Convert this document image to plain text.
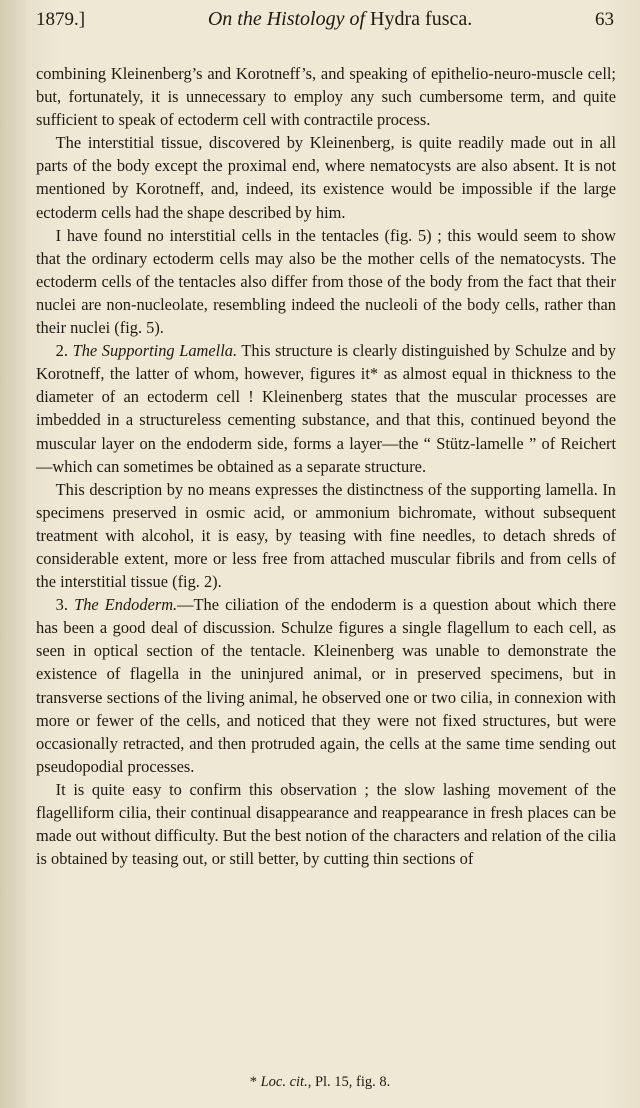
1879.]	On the Histology of Hydra fusca.	63

combining Kleinenberg’s and Korotneff’s, and speaking of epithelio-neuro-muscle cell; but, fortunately, it is unnecessary to employ any such cumbersome term, and quite sufficient to speak of ectoderm cell with contractile process.

The interstitial tissue, discovered by Kleinenberg, is quite readily made out in all parts of the body except the proximal end, where nematocysts are also absent. It is not mentioned by Korotneff, and, indeed, its existence would be impossible if the large ectoderm cells had the shape described by him.

I have found no interstitial cells in the tentacles (fig. 5) ; this would seem to show that the ordinary ectoderm cells may also be the mother cells of the nematocysts. The ectoderm cells of the tentacles also differ from those of the body from the fact that their nuclei are non-nucleolate, resembling indeed the nucleoli of the body cells, rather than their nuclei (fig. 5).

2. The Supporting Lamella. This structure is clearly distinguished by Schulze and by Korotneff, the latter of whom, however, figures it* as almost equal in thickness to the diameter of an ectoderm cell ! Kleinenberg states that the muscular processes are imbedded in a structureless cementing substance, and that this, continued beyond the muscular layer on the endoderm side, forms a layer—the “ Stütz-lamelle ” of Reichert—which can sometimes be obtained as a separate structure.

This description by no means expresses the distinctness of the supporting lamella. In specimens preserved in osmic acid, or ammonium bichromate, without subsequent treatment with alcohol, it is easy, by teasing with fine needles, to detach shreds of considerable extent, more or less free from attached muscular fibrils and from cells of the interstitial tissue (fig. 2).

3. The Endoderm.—The ciliation of the endoderm is a question about which there has been a good deal of discussion. Schulze figures a single flagellum to each cell, as seen in optical section of the tentacle. Kleinenberg was unable to demonstrate the existence of flagella in the uninjured animal, or in preserved specimens, but in transverse sections of the living animal, he observed one or two cilia, in connexion with more or fewer of the cells, and noticed that they were not fixed structures, but were occasionally retracted, and then protruded again, the cells at the same time sending out pseudopodial processes.

It is quite easy to confirm this observation ; the slow lashing movement of the flagelliform cilia, their continual disappearance and reappearance in fresh places can be made out without difficulty. But the best notion of the characters and relation of the cilia is obtained by teasing out, or still better, by cutting thin sections of

* Loc. cit., Pl. 15, fig. 8.
